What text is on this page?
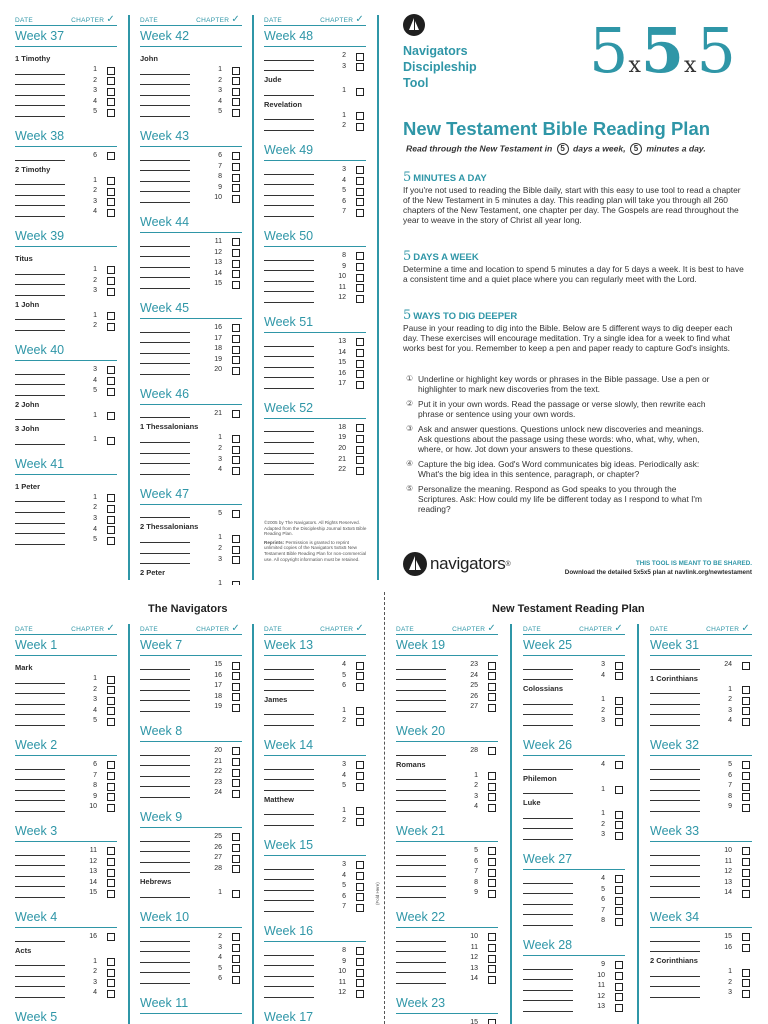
DATE	CHAPTER ✓
Week 37
1 Timothy
1
2
3
4
5
Week 38
6
2 Timothy
1
2
3
4
Week 39
Titus
1
2
3
1 John
1
2
Week 40
3
4
5
2 John
1
3 John
1
Week 41
1 Peter
1
2
3
4
5
DATE	CHAPTER ✓
Week 42
John
1
2
3
4
5
Week 43
6
7
8
9
10
Week 44
11
12
13
14
15
Week 45
16
17
18
19
20
Week 46
21
1 Thessalonians
1
2
3
4
Week 47
5
2 Thessalonians
1
2
3
2 Peter
1
DATE	CHAPTER ✓
Week 48
2
3
Jude
1
Revelation
1
2
Week 49
3
4
5
6
7
Week 50
8
9
10
11
12
Week 51
13
14
15
16
17
Week 52
18
19
20
21
22
©2005 by The Navigators. All Rights Reserved. Adapted from the Discipleship Journal 5x5x5 Bible Reading Plan.
Reprints: Permission is granted to reprint unlimited copies of the Navigators 5x5x5 New Testament Bible Reading Plan for non-commercial use. All copyright information must be retained.
Navigators
Discipleship
Tool	5x5x5
New Testament Bible Reading Plan
Read through the New Testament in 5 days a week, 5 minutes a day.
5 MINUTES A DAY
If you're not used to reading the Bible daily, start with this easy to use tool to read a chapter of the New Testament in 5 minutes a day. This reading plan will take you through all 260 chapters of the New Testament, one chapter per day. The Gospels are read throughout the year to weave in the story of Christ all year long.
5 DAYS A WEEK
Determine a time and location to spend 5 minutes a day for 5 days a week. It is best to have a consistent time and a quiet place where you can regularly meet with the Lord.
5 WAYS TO DIG DEEPER
Pause in your reading to dig into the Bible. Below are 5 different ways to dig deeper each day. These exercises will encourage meditation. Try a single idea for a week to find what works best for you. Remember to keep a pen and paper ready to capture God's insights.
① Underline or highlight key words or phrases in the Bible passage. Use a pen or highlighter to mark new discoveries from the text.
② Put it in your own words. Read the passage or verse slowly, then rewrite each phrase or sentence using your own words.
③ Ask and answer questions. Questions unlock new discoveries and meanings. Ask questions about the passage using these words: who, what, why, when, where, or how. Jot down your answers to these questions.
④ Capture the big idea. God's Word communicates big ideas. Periodically ask: What's the big idea in this sentence, paragraph, or chapter?
⑤ Personalize the meaning. Respond as God speaks to you through the Scriptures. Ask: How could my life be different today as I respond to what I'm reading?
navigators ®	THIS TOOL IS MEANT TO BE SHARED.
Download the detailed 5x5x5 plan at navlink.org/newtestament
The Navigators	New Testament Reading Plan
(Fold Here)
DATE	CHAPTER ✓
Week 1
Mark
1
2
3
4
5
Week 2
6
7
8
9
10
Week 3
11
12
13
14
15
Week 4
16
Acts
1
2
3
4
Week 5
DATE	CHAPTER ✓
Week 7
15
16
17
18
19
Week 8
20
21
22
23
24
Week 9
25
26
27
28
Hebrews
1
Week 10
2
3
4
5
6
Week 11
DATE	CHAPTER ✓
Week 13
4
5
6
James
1
2
Week 14
3
4
5
Matthew
1
2
Week 15
3
4
5
6
7
Week 16
8
9
10
11
12
Week 17
DATE	CHAPTER ✓
Week 19
23
24
25
26
27
Week 20
28
Romans
1
2
3
4
Week 21
5
6
7
8
9
Week 22
10
11
12
13
14
Week 23
15
DATE	CHAPTER ✓
Week 25
3
4
Colossians
1
2
3
Week 26
4
Philemon
1
Luke
1
2
3
Week 27
4
5
6
7
8
Week 28
9
10
11
12
13
DATE	CHAPTER ✓
Week 31
24
1 Corinthians
1
2
3
4
Week 32
5
6
7
8
9
Week 33
10
11
12
13
14
Week 34
15
16
2 Corinthians
1
2
3
